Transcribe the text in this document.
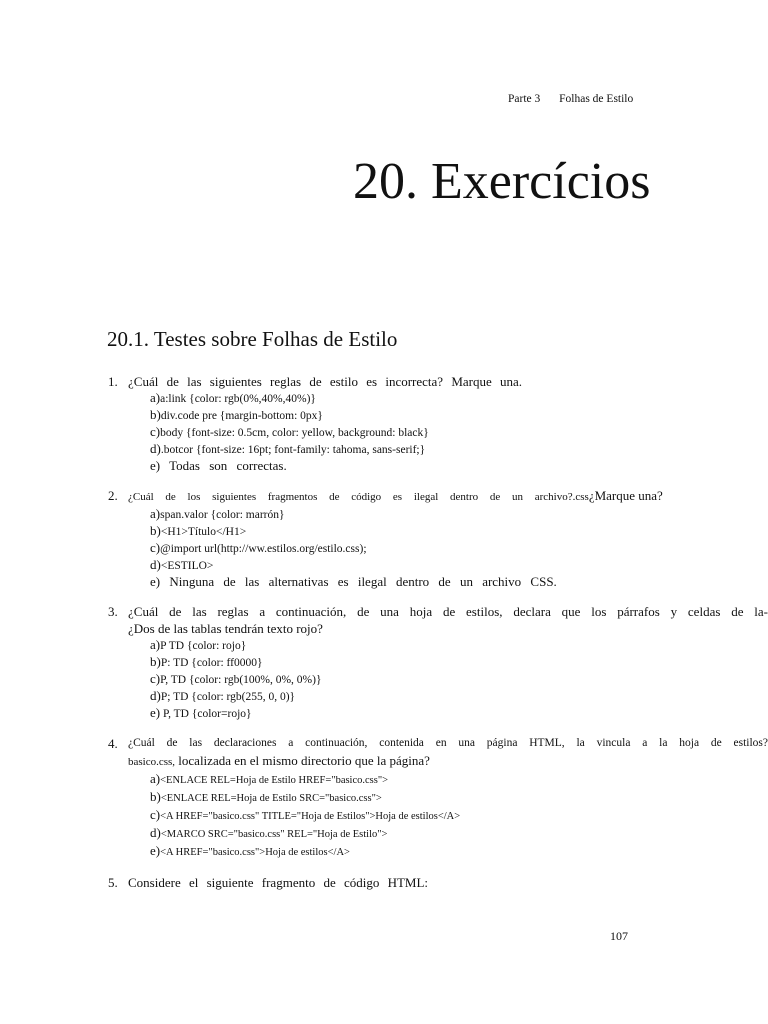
Parte 3 Folhas de Estilo
20. Exercícios
20.1. Testes sobre Folhas de Estilo
1. ¿Cuál de las siguientes reglas de estilo es incorrecta? Marque una.
a)a:link {color: rgb(0%,40%,40%)}
b)div.code pre {margin-bottom: 0px}
c)body {font-size: 0.5cm, color: yellow, background: black}
d).botcor {font-size: 16pt; font-family: tahoma, sans-serif;}
e) Todas son correctas.
2. ¿Cuál de los siguientes fragmentos de código es ilegal dentro de un archivo?.css¿Marque una?
a)span.valor {color: marrón}
b)<H1>Título</H1>
c)@import url(http://ww.estilos.org/estilo.css);
d)<ESTILO>
e) Ninguna de las alternativas es ilegal dentro de un archivo CSS.
3. ¿Cuál de las reglas a continuación, de una hoja de estilos, declara que los párrafos y celdas de la-
¿Dos de las tablas tendrán texto rojo?
a)P TD {color: rojo}
b)P: TD {color: ff0000}
c)P, TD {color: rgb(100%, 0%, 0%)}
d)P; TD {color: rgb(255, 0, 0)}
e) P, TD {color=rojo}
4. ¿Cuál de las declaraciones a continuación, contenida en una página HTML, la vincula a la hoja de estilos?
basico.css, localizada en el mismo directorio que la página?
a)<ENLACE REL=Hoja de Estilo HREF="basico.css">
b)<ENLACE REL=Hoja de Estilo SRC="basico.css">
c)<A HREF="basico.css" TITLE="Hoja de Estilos">Hoja de estilos</A>
d)<MARCO SRC="basico.css" REL="Hoja de Estilo">
e)<A HREF="basico.css">Hoja de estilos</A>
5. Considere el siguiente fragmento de código HTML:
107
